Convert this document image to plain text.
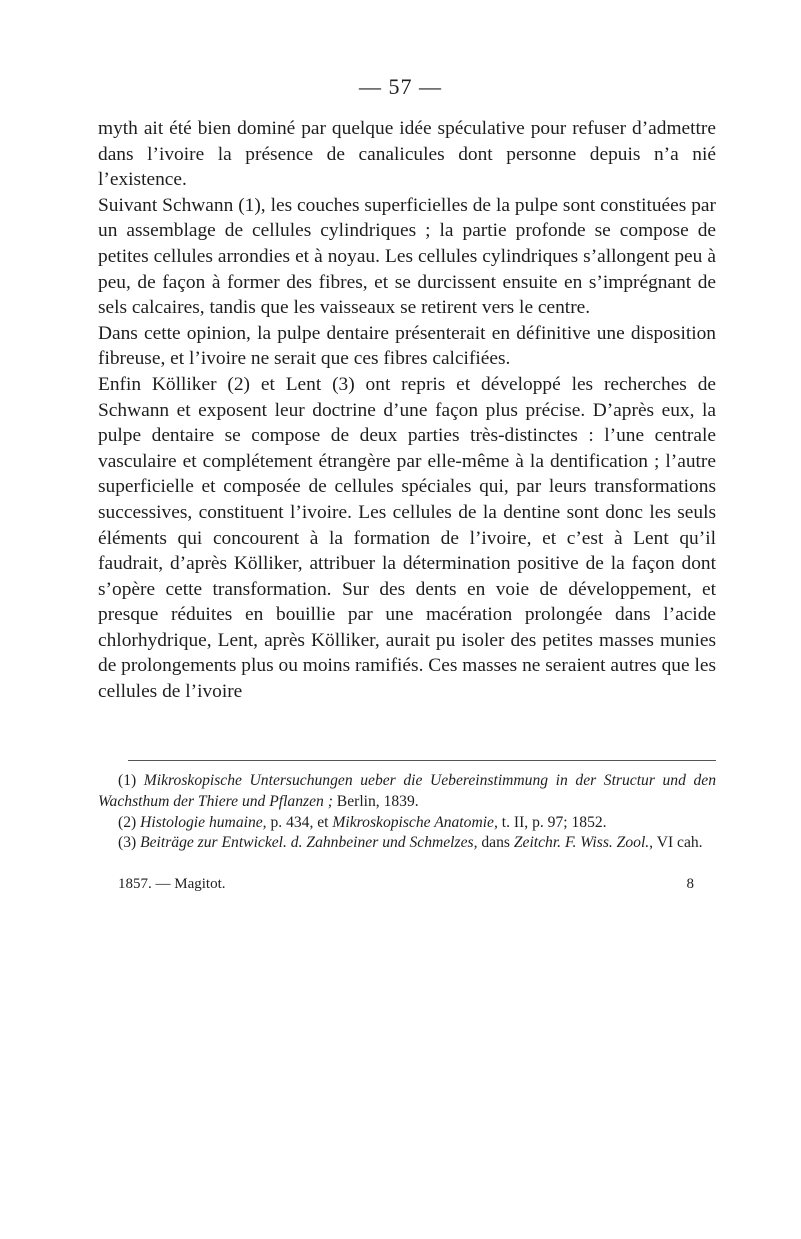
— 57 —

myth ait été bien dominé par quelque idée spéculative pour refuser d’admettre dans l’ivoire la présence de canalicules dont personne depuis n’a nié l’existence.

Suivant Schwann (1), les couches superficielles de la pulpe sont constituées par un assemblage de cellules cylindriques ; la partie profonde se compose de petites cellules arrondies et à noyau. Les cellules cylindriques s’allongent peu à peu, de façon à former des fibres, et se durcissent ensuite en s’imprégnant de sels calcaires, tandis que les vaisseaux se retirent vers le centre.

Dans cette opinion, la pulpe dentaire présenterait en définitive une disposition fibreuse, et l’ivoire ne serait que ces fibres calcifiées.

Enfin Kölliker (2) et Lent (3) ont repris et développé les recherches de Schwann et exposent leur doctrine d’une façon plus précise. D’après eux, la pulpe dentaire se compose de deux parties très-distinctes : l’une centrale vasculaire et complétement étrangère par elle-même à la dentification ; l’autre superficielle et composée de cellules spéciales qui, par leurs transformations successives, constituent l’ivoire. Les cellules de la dentine sont donc les seuls éléments qui concourent à la formation de l’ivoire, et c’est à Lent qu’il faudrait, d’après Kölliker, attribuer la détermination positive de la façon dont s’opère cette transformation. Sur des dents en voie de développement, et presque réduites en bouillie par une macération prolongée dans l’acide chlorhydrique, Lent, après Kölliker, aurait pu isoler des petites masses munies de prolongements plus ou moins ramifiés. Ces masses ne seraient autres que les cellules de l’ivoire

(1) Mikroskopische Untersuchungen ueber die Uebereinstimmung in der Structur und den Wachsthum der Thiere und Pflanzen ; Berlin, 1839.

(2) Histologie humaine, p. 434, et Mikroskopische Anatomie, t. II, p. 97; 1852.

(3) Beiträge zur Entwickel. d. Zahnbeiner und Schmelzes, dans Zeitchr. F. Wiss. Zool., VI cah.

1857. — Magitot.	8
